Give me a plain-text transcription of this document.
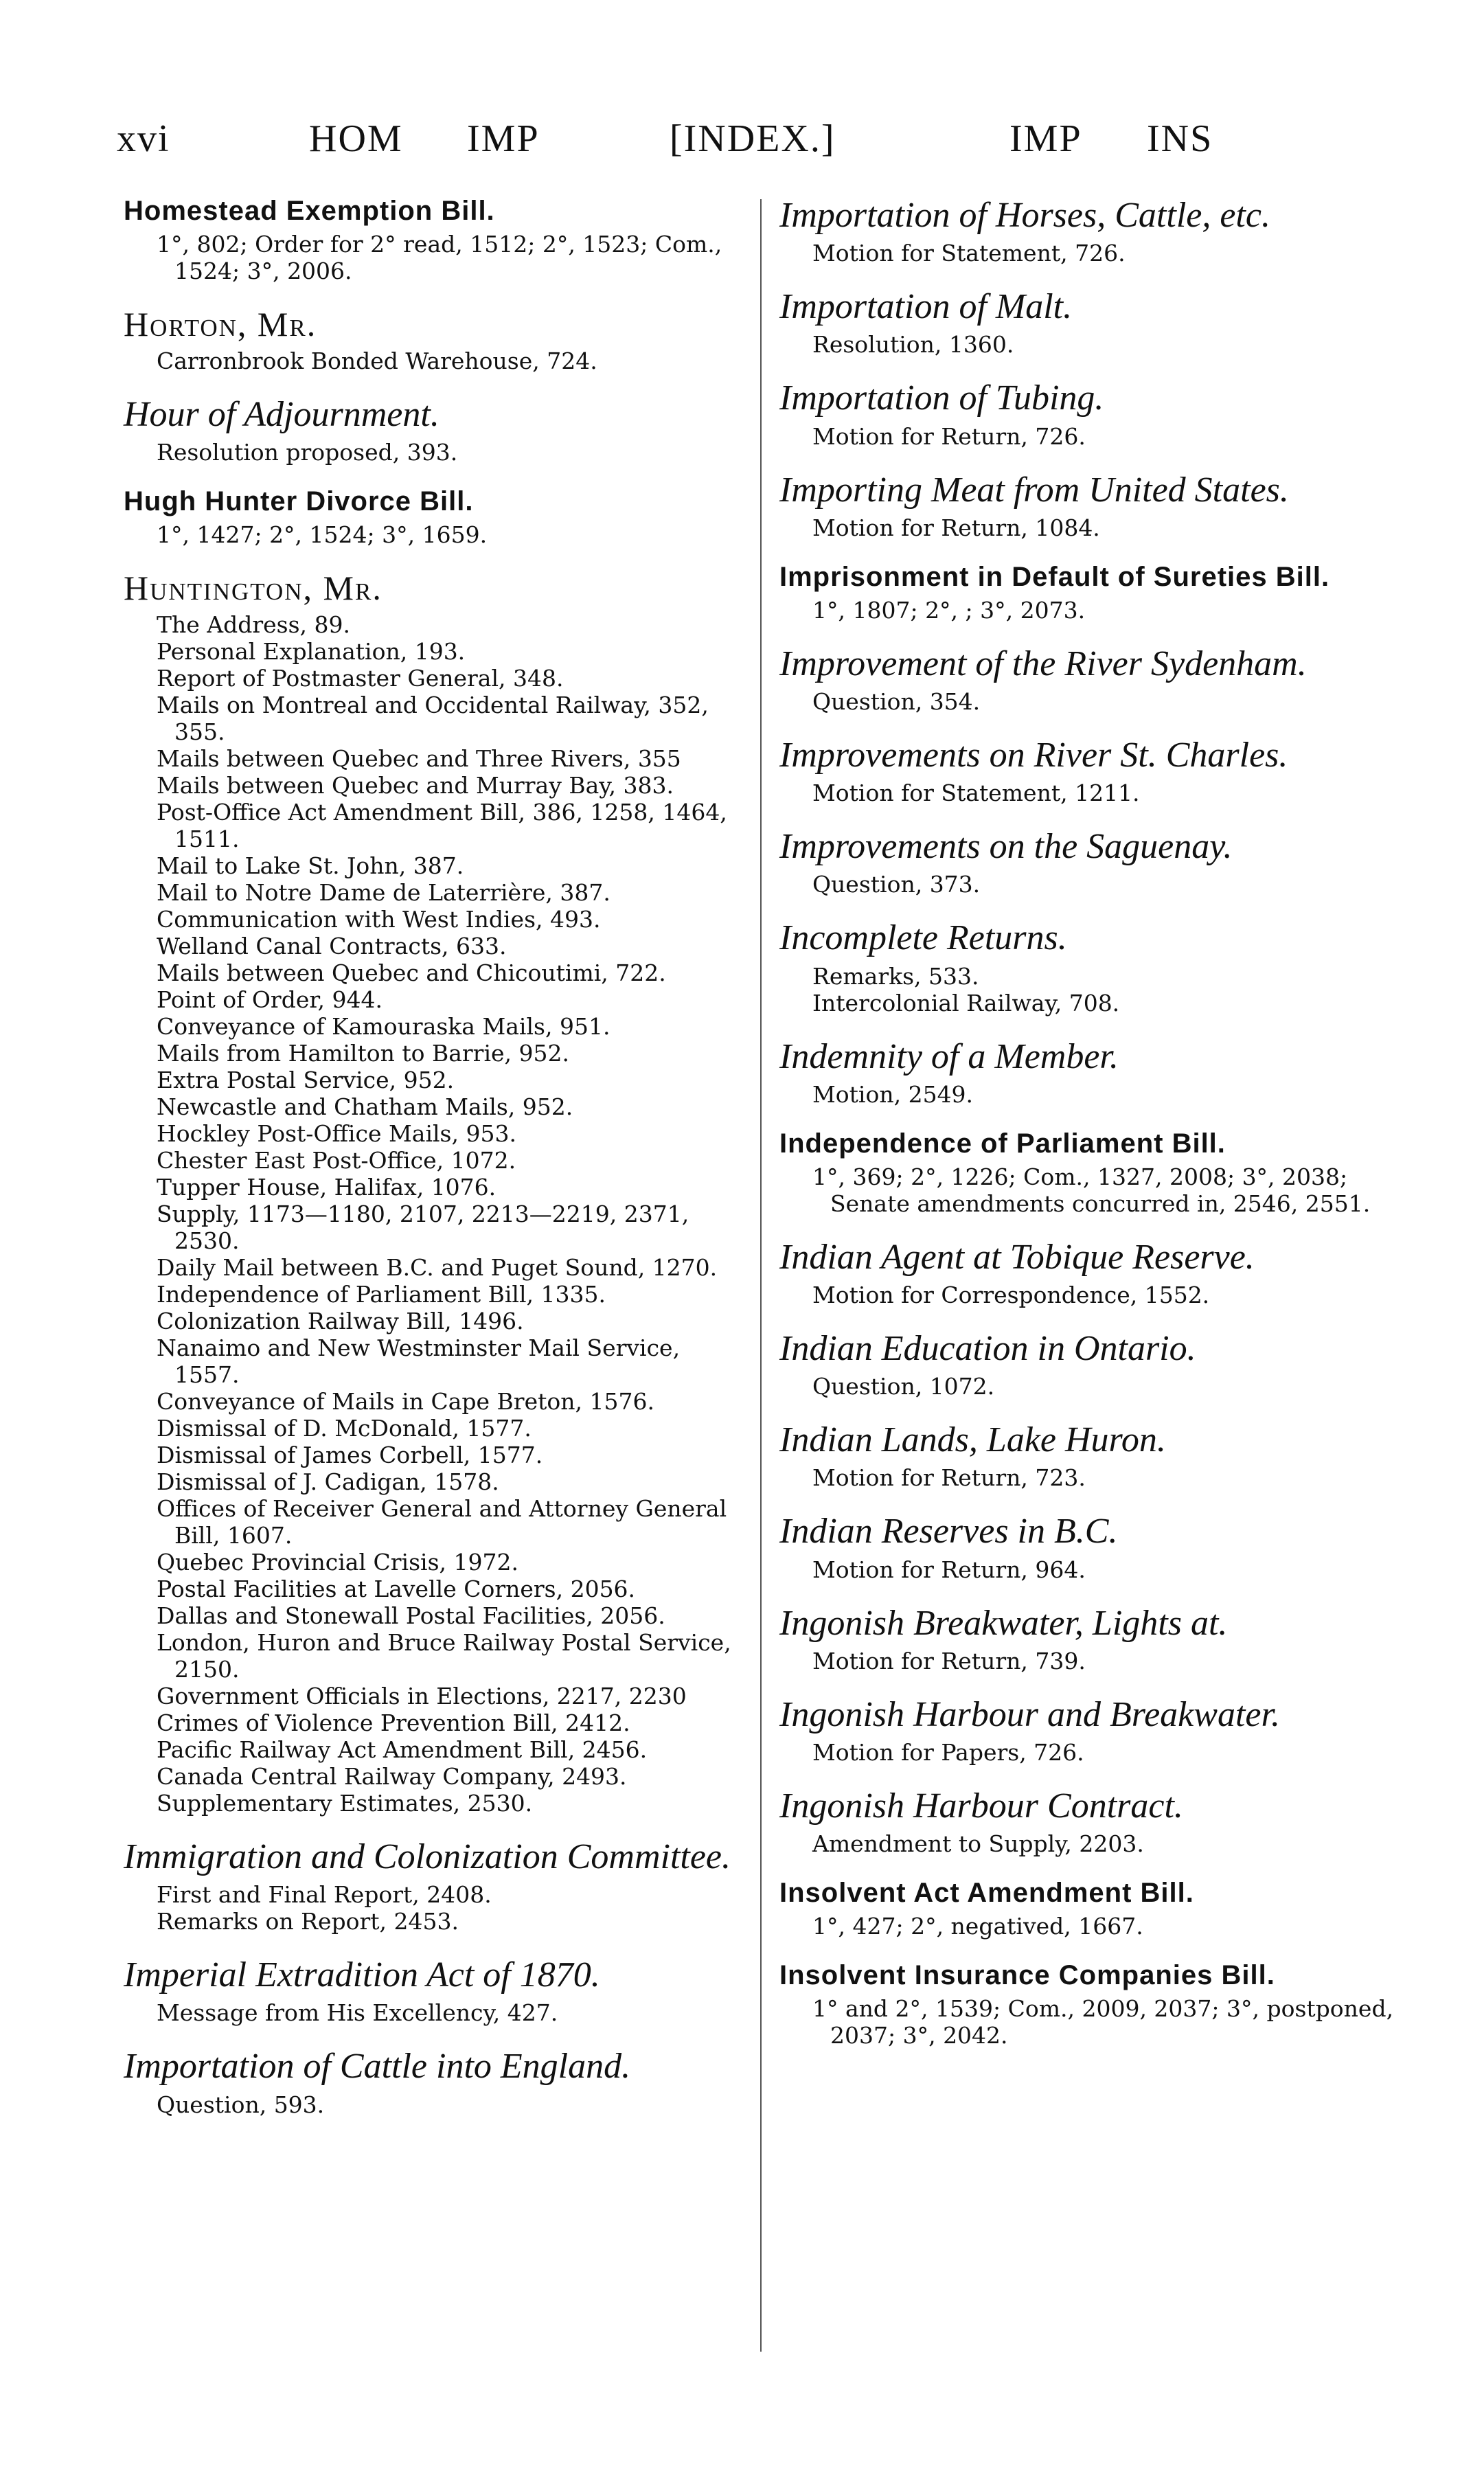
xvi	HOM IMP	[INDEX.]	IMP INS
Homestead Exemption Bill.
1°, 802; Order for 2° read, 1512; 2°, 1523; Com., 1524; 3°, 2006.
Horton, Mr.
Carronbrook Bonded Warehouse, 724.
Hour of Adjournment.
Resolution proposed, 393.
Hugh Hunter Divorce Bill.
1°, 1427; 2°, 1524; 3°, 1659.
Huntington, Mr.
The Address, 89.
Personal Explanation, 193.
Report of Postmaster General, 348.
Mails on Montreal and Occidental Railway, 352, 355.
Mails between Quebec and Three Rivers, 355
Mails between Quebec and Murray Bay, 383.
Post-Office Act Amendment Bill, 386, 1258, 1464, 1511.
Mail to Lake St. John, 387.
Mail to Notre Dame de Laterrière, 387.
Communication with West Indies, 493.
Welland Canal Contracts, 633.
Mails between Quebec and Chicoutimi, 722.
Point of Order, 944.
Conveyance of Kamouraska Mails, 951.
Mails from Hamilton to Barrie, 952.
Extra Postal Service, 952.
Newcastle and Chatham Mails, 952.
Hockley Post-Office Mails, 953.
Chester East Post-Office, 1072.
Tupper House, Halifax, 1076.
Supply, 1173—1180, 2107, 2213—2219, 2371, 2530.
Daily Mail between B.C. and Puget Sound, 1270.
Independence of Parliament Bill, 1335.
Colonization Railway Bill, 1496.
Nanaimo and New Westminster Mail Service, 1557.
Conveyance of Mails in Cape Breton, 1576.
Dismissal of D. McDonald, 1577.
Dismissal of James Corbell, 1577.
Dismissal of J. Cadigan, 1578.
Offices of Receiver General and Attorney General Bill, 1607.
Quebec Provincial Crisis, 1972.
Postal Facilities at Lavelle Corners, 2056.
Dallas and Stonewall Postal Facilities, 2056.
London, Huron and Bruce Railway Postal Service, 2150.
Government Officials in Elections, 2217, 2230
Crimes of Violence Prevention Bill, 2412.
Pacific Railway Act Amendment Bill, 2456.
Canada Central Railway Company, 2493.
Supplementary Estimates, 2530.
Immigration and Colonization Committee.
First and Final Report, 2408.
Remarks on Report, 2453.
Imperial Extradition Act of 1870.
Message from His Excellency, 427.
Importation of Cattle into England.
Question, 593.
Importation of Horses, Cattle, etc.
Motion for Statement, 726.
Importation of Malt.
Resolution, 1360.
Importation of Tubing.
Motion for Return, 726.
Importing Meat from United States.
Motion for Return, 1084.
Imprisonment in Default of Sureties Bill.
1°, 1807; 2°, ; 3°, 2073.
Improvement of the River Sydenham.
Question, 354.
Improvements on River St. Charles.
Motion for Statement, 1211.
Improvements on the Saguenay.
Question, 373.
Incomplete Returns.
Remarks, 533.
Intercolonial Railway, 708.
Indemnity of a Member.
Motion, 2549.
Independence of Parliament Bill.
1°, 369; 2°, 1226; Com., 1327, 2008; 3°, 2038; Senate amendments concurred in, 2546, 2551.
Indian Agent at Tobique Reserve.
Motion for Correspondence, 1552.
Indian Education in Ontario.
Question, 1072.
Indian Lands, Lake Huron.
Motion for Return, 723.
Indian Reserves in B.C.
Motion for Return, 964.
Ingonish Breakwater, Lights at.
Motion for Return, 739.
Ingonish Harbour and Breakwater.
Motion for Papers, 726.
Ingonish Harbour Contract.
Amendment to Supply, 2203.
Insolvent Act Amendment Bill.
1°, 427; 2°, negatived, 1667.
Insolvent Insurance Companies Bill.
1° and 2°, 1539; Com., 2009, 2037; 3°, postponed, 2037; 3°, 2042.
